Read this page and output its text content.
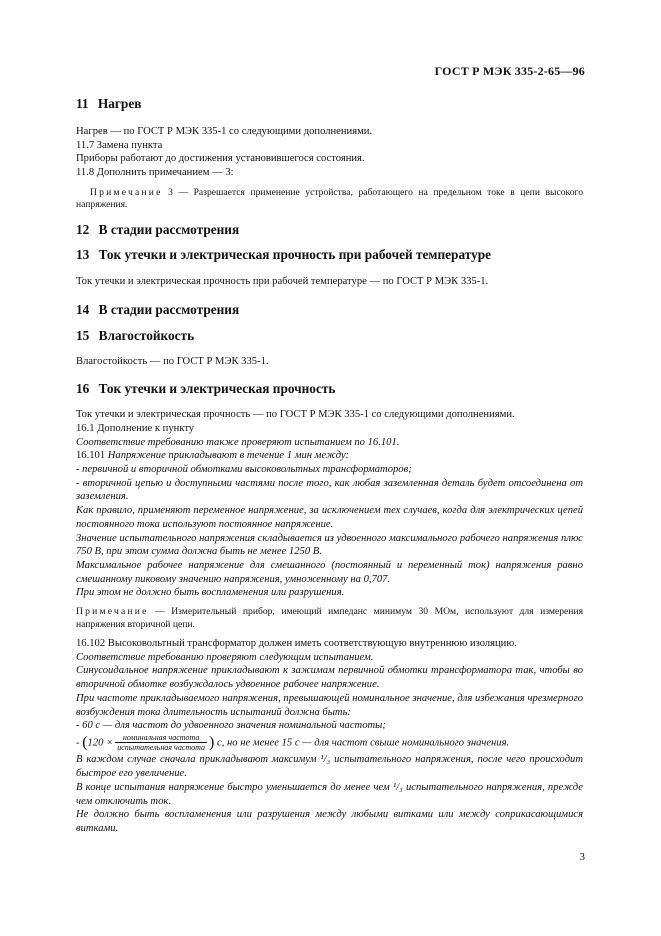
ГОСТ Р МЭК 335-2-65—96
11 Нагрев

Нагрев — по ГОСТ Р МЭК 335-1 со следующими дополнениями.

11.7 Замена пункта

Приборы работают до достижения установившегося состояния.

11.8 Дополнить примечанием — 3:

Примечание 3 — Разрешается применение устройства, работающего на предельном токе в цепи высокого напряжения.

12 В стадии рассмотрения
13 Ток утечки и электрическая прочность при рабочей температуре

Ток утечки и электрическая прочность при рабочей температуре — по ГОСТ Р МЭК 335-1.

14 В стадии рассмотрения
15 Влагостойкость

Влагостойкость — по ГОСТ Р МЭК 335-1.

16 Ток утечки и электрическая прочность

Ток утечки и электрическая прочность — по ГОСТ Р МЭК 335-1 со следующими дополнениями.

16.1 Дополнение к пункту

Соответствие требованию также проверяют испытанием по 16.101.

16.101 Напряжение прикладывают в течение 1 мин между:

- первичной и вторичной обмотками высоковольтных трансформаторов;

- вторичной цепью и доступными частями после того, как любая заземленная деталь будет отсоединена от заземления.

Как правило, применяют переменное напряжение, за исключением тех случаев, когда для электрических цепей постоянного тока используют постоянное напряжение.

Значение испытательного напряжения складывается из удвоенного максимального рабочего напряжения плюс 750 В, при этом сумма должна быть не менее 1250 В.

Максимальное рабочее напряжение для смешанного (постоянный и переменный ток) напряжения равно смешанному пиковому значению напряжения, умноженному на 0,707.

При этом не должно быть воспламенения или разрушения.

Примечание — Измерительный прибор, имеющий импеданс минимум 30 МОм, используют для измерения напряжения вторичной цепи.

16.102 Высоковольтный трансформатор должен иметь соответствующую внутреннюю изоляцию.

Соответствие требованию проверяют следующим испытанием.

Синусоидальное напряжение прикладывают к зажимам первичной обмотки трансформатора так, чтобы во вторичной обмотке возбуждалось удвоенное рабочее напряжение.

При частоте прикладываемого напряжения, превышающей номинальное значение, для избежания чрезмерного возбуждения тока длительность испытаний должна быть:

- 60 с — для частот до удвоенного значения номинальной частоты;

- ($120 \times \frac{\text{номинальная частота}}{\text{испытательная частота}}$ ) с, но не менее 15 с — для частот свыше номинального значения.

В каждом случае сначала прикладывают максимум ¹/₃ испытательного напряжения, после чего происходит быстрое его увеличение.

В конце испытания напряжение быстро уменьшается до менее чем ¹/₃ испытательного напряжения, прежде чем отключить ток.

Не должно быть воспламенения или разрушения между любыми витками или между соприкасающимися витками.

3
